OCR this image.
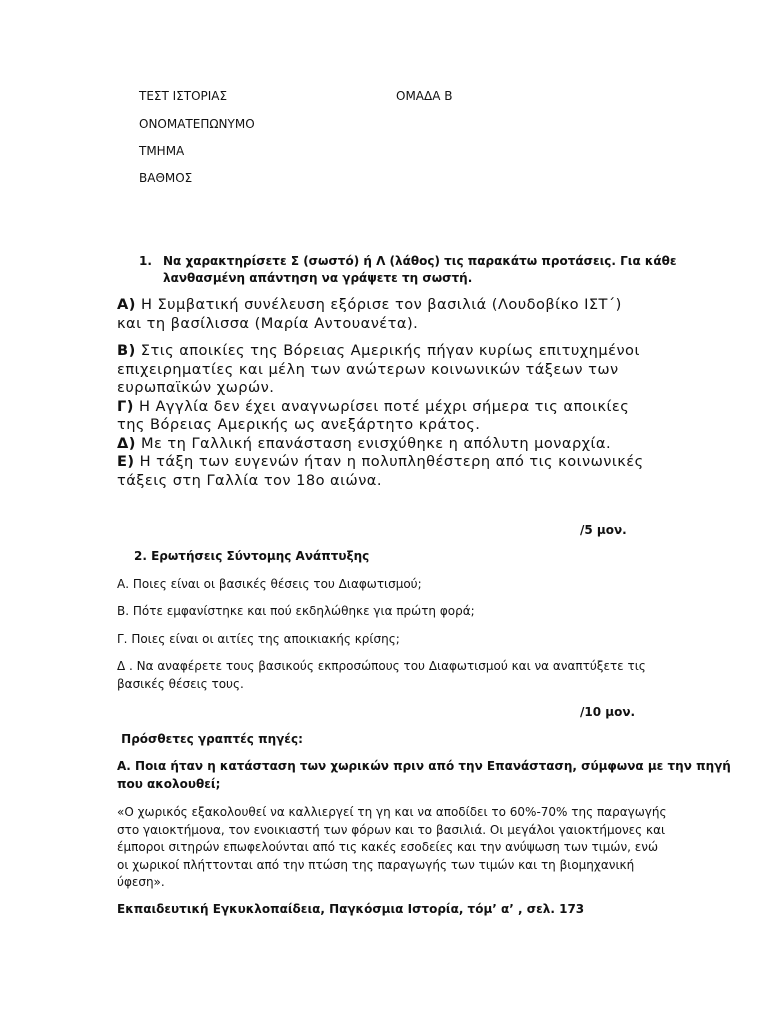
ΤΕΣΤ ΙΣΤΟΡΙΑΣ	ΟΜΑΔΑ Β
ΟΝΟΜΑΤΕΠΩΝΥΜΟ
ΤΜΗΜΑ
ΒΑΘΜΟΣ
1. Να χαρακτηρίσετε Σ (σωστό) ή Λ (λάθος) τις παρακάτω προτάσεις. Για κάθε
λανθασμένη απάντηση να γράψετε τη σωστή.
Α) Η Συμβατική συνέλευση εξόρισε τον βασιλιά (Λουδοβίκο ΙΣΤ΄)
και τη βασίλισσα (Μαρία Αντουανέτα).
Β) Στις αποικίες της Βόρειας Αμερικής πήγαν κυρίως επιτυχημένοι
επιχειρηματίες και μέλη των ανώτερων κοινωνικών τάξεων των
ευρωπαϊκών χωρών.
Γ) Η Αγγλία δεν έχει αναγνωρίσει ποτέ μέχρι σήμερα τις αποικίες
της Βόρειας Αμερικής ως ανεξάρτητο κράτος.
Δ) Με τη Γαλλική επανάσταση ενισχύθηκε η απόλυτη μοναρχία.
Ε) Η τάξη των ευγενών ήταν η πολυπληθέστερη από τις κοινωνικές
τάξεις στη Γαλλία τον 18ο αιώνα.
/5 μον.
2. Ερωτήσεις Σύντομης Ανάπτυξης
Α. Ποιες είναι οι βασικές θέσεις του Διαφωτισμού;
Β. Πότε εμφανίστηκε και πού εκδηλώθηκε για πρώτη φορά;
Γ. Ποιες είναι οι αιτίες της αποικιακής κρίσης;
Δ . Να αναφέρετε τους βασικούς εκπροσώπους του Διαφωτισμού και να αναπτύξετε τις
βασικές θέσεις τους.
/10 μον.
Πρόσθετες γραπτές πηγές:
Α. Ποια ήταν η κατάσταση των χωρικών πριν από την Επανάσταση, σύμφωνα με την πηγή
που ακολουθεί;
«Ο χωρικός εξακολουθεί να καλλιεργεί τη γη και να αποδίδει το 60%-70% της παραγωγής
στο γαιοκτήμονα, τον ενοικιαστή των φόρων και το βασιλιά. Οι μεγάλοι γαιοκτήμονες και
έμποροι σιτηρών επωφελούνται από τις κακές εσοδείες και την ανύψωση των τιμών, ενώ
οι χωρικοί πλήττονται από την πτώση της παραγωγής των τιμών και τη βιομηχανική
ύφεση».
Εκπαιδευτική Εγκυκλοπαίδεια, Παγκόσμια Ιστορία, τόμ’ α’ , σελ. 173
